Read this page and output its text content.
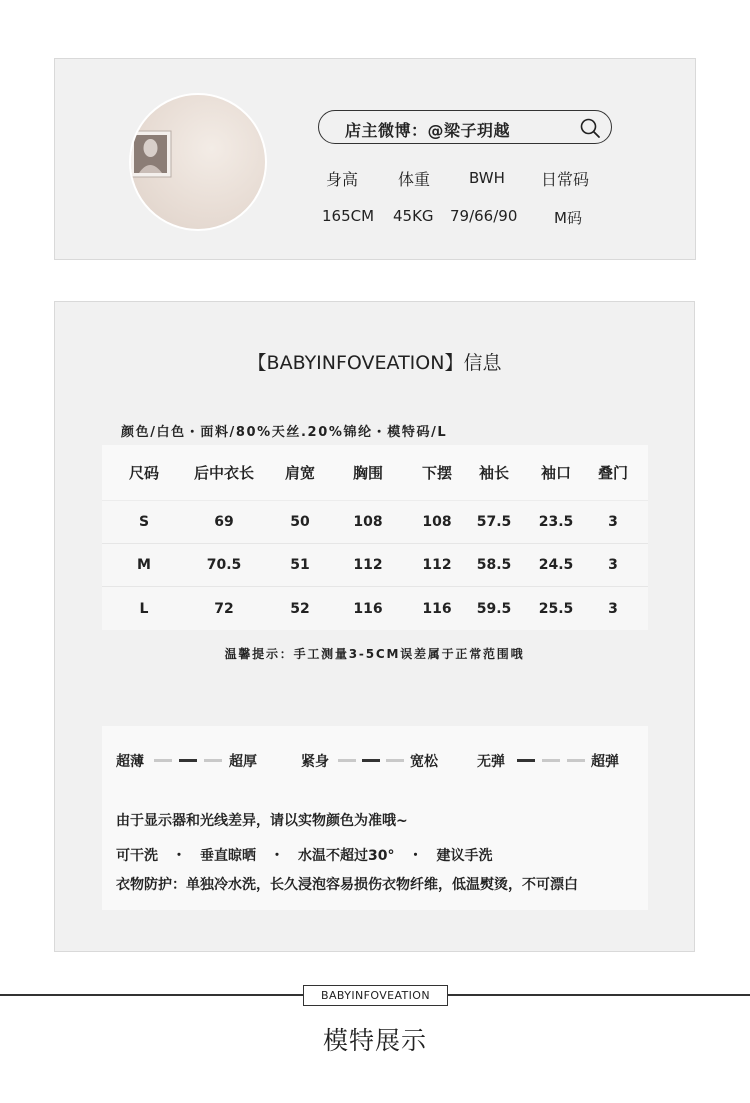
店主微博：@梁子玥越
身高 体重	BWH 日常码
165CM 45KG 79/66/90 M码
【BABYINFOVEATION】信息
颜色/白色・面料/80%天丝.20%锦纶・模特码/L
尺码	后中衣长	肩宽	胸围	下摆	袖长	袖口	叠门
S	69	50	108	108	57.5	23.5	3
M	70.5	51	112	112	58.5	24.5	3
L	72	52	116	116	59.5	25.5	3
温馨提示：手工测量3-5CM误差属于正常范围哦
超薄	超厚	紧身	宽松	无弹	超弹
由于显示器和光线差异，请以实物颜色为准哦~
可干洗　・　垂直晾晒　・　水温不超过30°　・　建议手洗
衣物防护：单独冷水洗，长久浸泡容易损伤衣物纤维，低温熨烫，不可漂白
BABYINFOVEATION
模特展示
